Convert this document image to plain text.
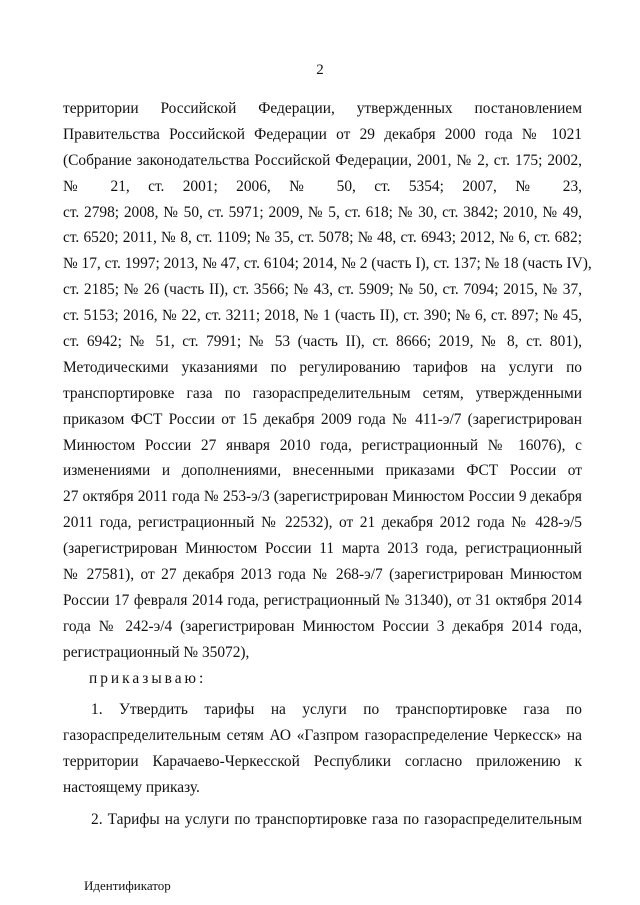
2
территории Российской Федерации, утвержденных постановлением
Правительства Российской Федерации от 29 декабря 2000 года № 1021
(Собрание законодательства Российской Федерации, 2001, № 2, ст. 175; 2002,
№ 21, ст. 2001; 2006, № 50, ст. 5354; 2007, № 23,
ст. 2798; 2008, № 50, ст. 5971; 2009, № 5, ст. 618; № 30, ст. 3842; 2010, № 49,
ст. 6520; 2011, № 8, ст. 1109; № 35, ст. 5078; № 48, ст. 6943; 2012, № 6, ст. 682;
№ 17, ст. 1997; 2013, № 47, ст. 6104; 2014, № 2 (часть I), ст. 137; № 18 (часть IV),
ст. 2185; № 26 (часть II), ст. 3566; № 43, ст. 5909; № 50, ст. 7094; 2015, № 37,
ст. 5153; 2016, № 22, ст. 3211; 2018, № 1 (часть II), ст. 390; № 6, ст. 897; № 45,
ст. 6942; № 51, ст. 7991; № 53 (часть II), ст. 8666; 2019, № 8, ст. 801),
Методическими указаниями по регулированию тарифов на услуги по
транспортировке газа по газораспределительным сетям, утвержденными
приказом ФСТ России от 15 декабря 2009 года № 411-э/7 (зарегистрирован
Минюстом России 27 января 2010 года, регистрационный № 16076), с
изменениями и дополнениями, внесенными приказами ФСТ России от
27 октября 2011 года № 253-э/3 (зарегистрирован Минюстом России 9 декабря
2011 года, регистрационный № 22532), от 21 декабря 2012 года № 428-э/5
(зарегистрирован Минюстом России 11 марта 2013 года, регистрационный
№ 27581), от 27 декабря 2013 года № 268-э/7 (зарегистрирован Минюстом
России 17 февраля 2014 года, регистрационный № 31340), от 31 октября 2014
года № 242-э/4 (зарегистрирован Минюстом России 3 декабря 2014 года,
регистрационный № 35072),
приказываю:
1. Утвердить тарифы на услуги по транспортировке газа по
газораспределительным сетям АО «Газпром газораспределение Черкесск» на
территории Карачаево-Черкесской Республики согласно приложению к
настоящему приказу.
2. Тарифы на услуги по транспортировке газа по газораспределительным
Идентификатор
